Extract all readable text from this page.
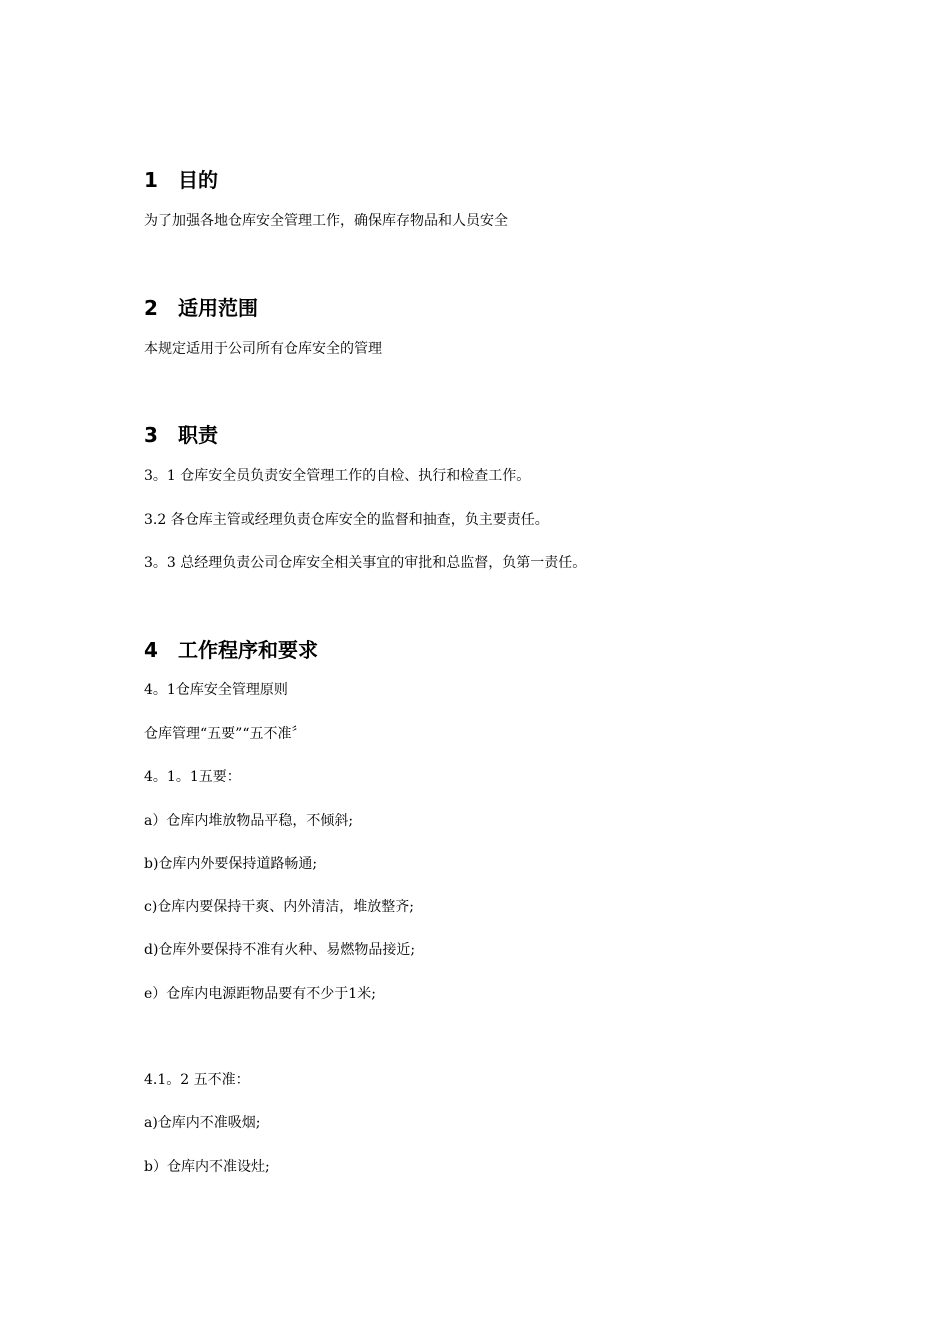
1 目的
为了加强各地仓库安全管理工作，确保库存物品和人员安全
2 适用范围
本规定适用于公司所有仓库安全的管理
3 职责
3。1 仓库安全员负责安全管理工作的自检、执行和检查工作。
3.2 各仓库主管或经理负责仓库安全的监督和抽查，负主要责任。
3。3 总经理负责公司仓库安全相关事宜的审批和总监督，负第一责任。
4 工作程序和要求
4。1仓库安全管理原则
仓库管理“五要”“五不准〞
4。1。1五要：
a）仓库内堆放物品平稳，不倾斜;
b)仓库内外要保持道路畅通;
c)仓库内要保持干爽、内外清洁，堆放整齐;
d)仓库外要保持不准有火种、易燃物品接近;
e）仓库内电源距物品要有不少于1米;
4.1。2 五不准：
a)仓库内不准吸烟;
b）仓库内不准设灶;
